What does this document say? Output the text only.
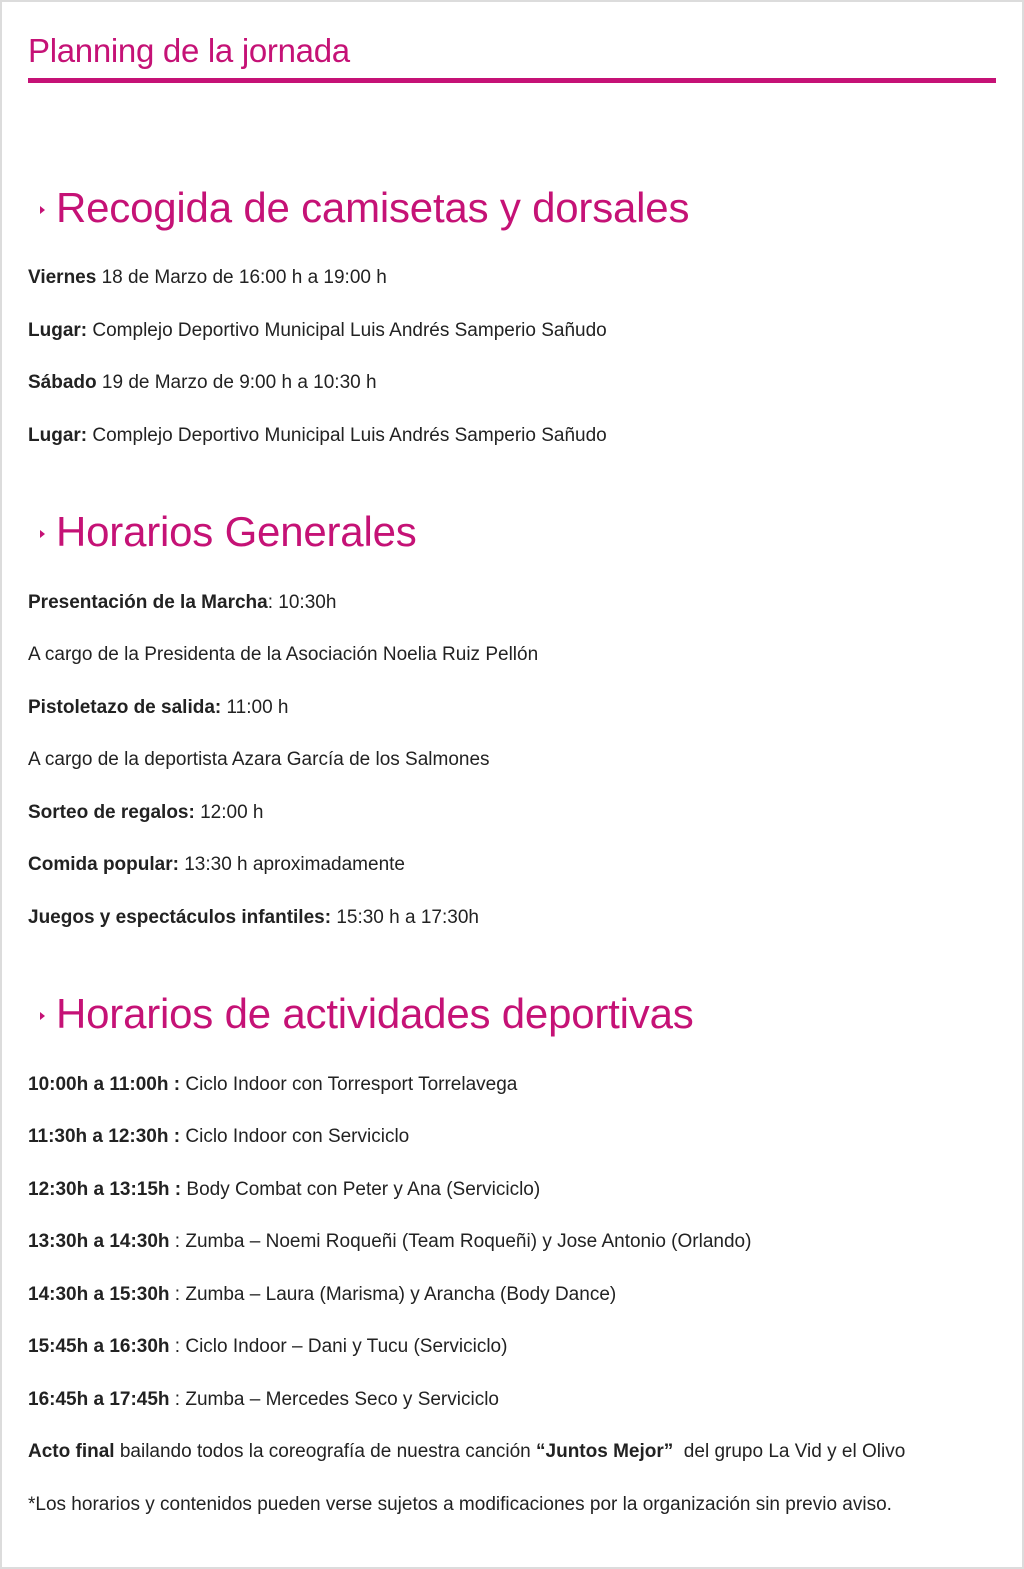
Planning de la jornada
Recogida de camisetas y dorsales

Viernes 18 de Marzo de 16:00 h a 19:00 h

Lugar: Complejo Deportivo Municipal Luis Andrés Samperio Sañudo

Sábado 19 de Marzo de 9:00 h a 10:30 h

Lugar: Complejo Deportivo Municipal Luis Andrés Samperio Sañudo

Horarios Generales

Presentación de la Marcha: 10:30h

A cargo de la Presidenta de la Asociación Noelia Ruiz Pellón

Pistoletazo de salida: 11:00 h

A cargo de la deportista Azara García de los Salmones

Sorteo de regalos: 12:00 h

Comida popular: 13:30 h aproximadamente

Juegos y espectáculos infantiles: 15:30 h a 17:30h

Horarios de actividades deportivas

10:00h a 11:00h : Ciclo Indoor con Torresport Torrelavega

11:30h a 12:30h : Ciclo Indoor con Serviciclo

12:30h a 13:15h : Body Combat con Peter y Ana (Serviciclo)

13:30h a 14:30h : Zumba – Noemi Roqueñi (Team Roqueñi) y Jose Antonio (Orlando)

14:30h a 15:30h : Zumba – Laura (Marisma) y Arancha (Body Dance)

15:45h a 16:30h : Ciclo Indoor – Dani y Tucu (Serviciclo)

16:45h a 17:45h : Zumba – Mercedes Seco y Serviciclo

Acto final bailando todos la coreografía de nuestra canción “Juntos Mejor”  del grupo La Vid y el Olivo

*Los horarios y contenidos pueden verse sujetos a modificaciones por la organización sin previo aviso.
